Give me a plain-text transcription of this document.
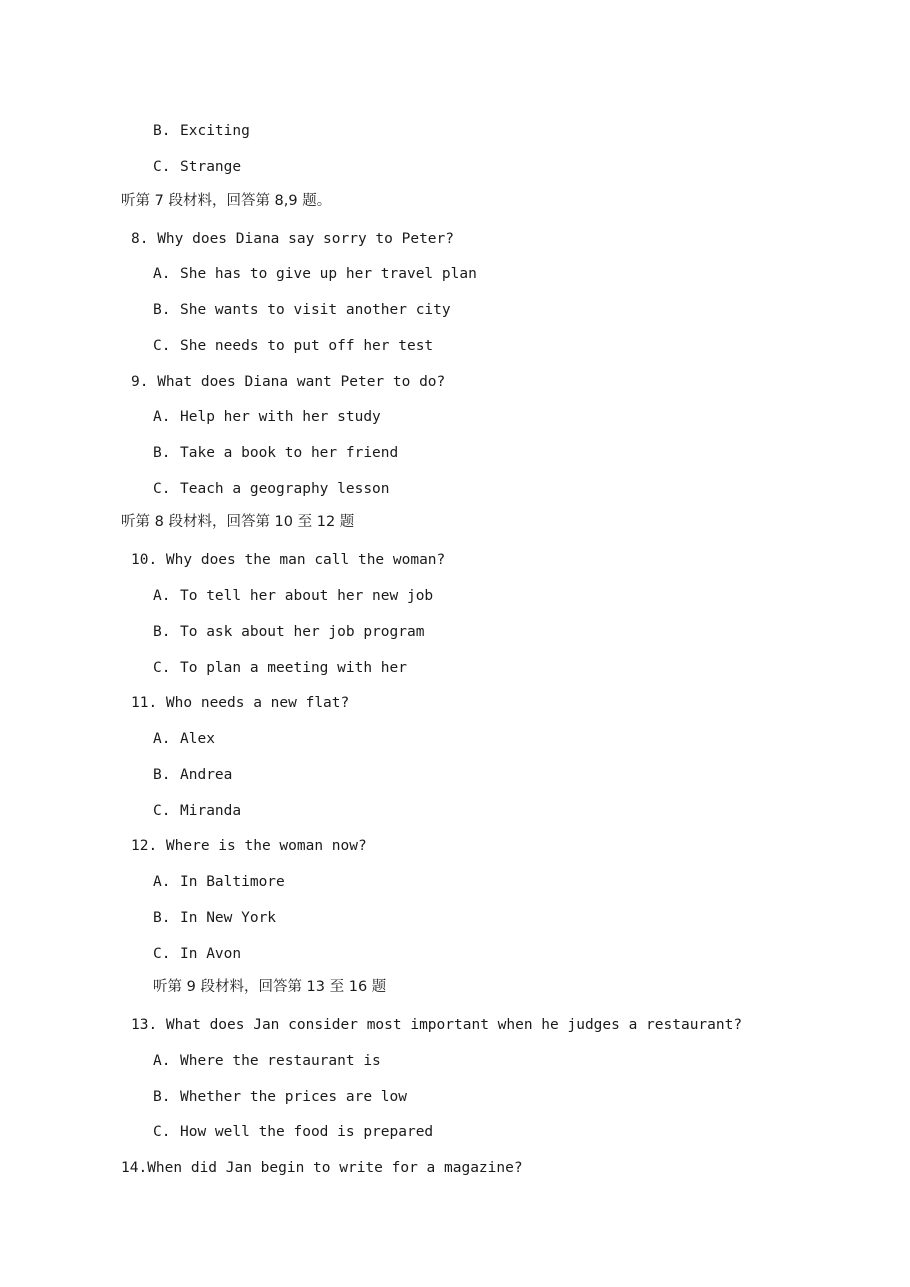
B. Exciting
C. Strange
听第 7 段材料，回答第 8,9 题。
8. Why does Diana say sorry to Peter?
A. She has to give up her travel plan
B. She wants to visit another city
C. She needs to put off her test
9. What does Diana want Peter to do?
A. Help her with her study
B. Take a book to her friend
C. Teach a geography lesson
听第 8 段材料，回答第 10 至 12 题
10. Why does the man call the woman?
A. To tell her about her new job
B. To ask about her job program
C. To plan a meeting with her
11. Who needs a new flat?
A. Alex
B. Andrea
C. Miranda
12. Where is the woman now?
A. In Baltimore
B. In New York
C. In Avon
听第 9 段材料，回答第 13 至 16 题
13. What does Jan consider most important when he judges a restaurant?
A. Where the restaurant is
B. Whether the prices are low
C. How well the food is prepared
14.When did Jan begin to write for a magazine?
